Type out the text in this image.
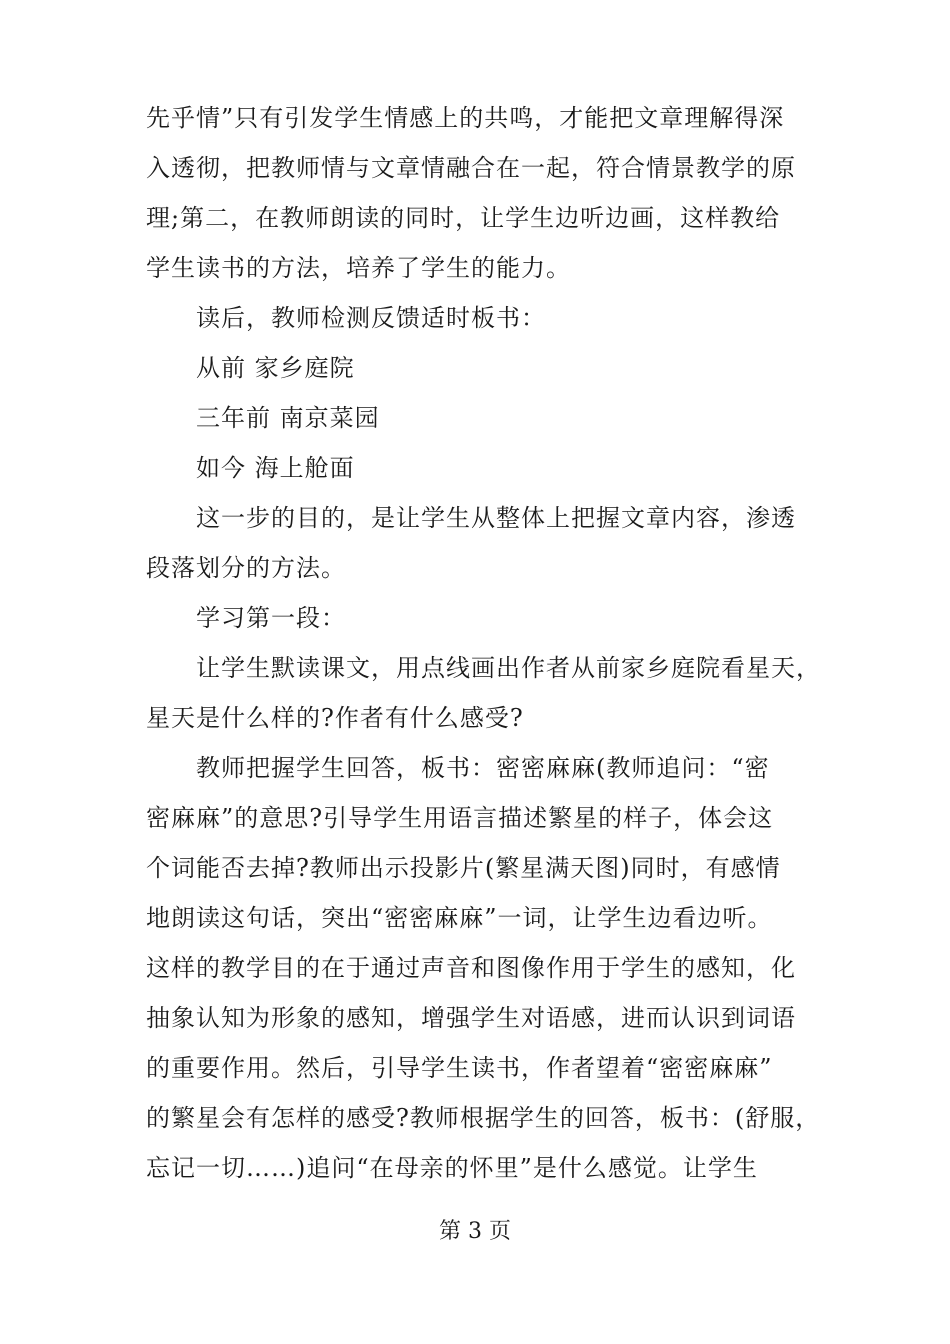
先乎情”只有引发学生情感上的共鸣，才能把文章理解得深
入透彻，把教师情与文章情融合在一起，符合情景教学的原
理;第二，在教师朗读的同时，让学生边听边画，这样教给
学生读书的方法，培养了学生的能力。
读后，教师检测反馈适时板书：
从前 家乡庭院
三年前 南京菜园
如今 海上舱面
这一步的目的，是让学生从整体上把握文章内容，渗透
段落划分的方法。
学习第一段：
让学生默读课文，用点线画出作者从前家乡庭院看星天，
星天是什么样的?作者有什么感受?
教师把握学生回答，板书：密密麻麻(教师追问：“密
密麻麻”的意思?引导学生用语言描述繁星的样子，体会这
个词能否去掉?教师出示投影片(繁星满天图)同时，有感情
地朗读这句话，突出“密密麻麻”一词，让学生边看边听。
这样的教学目的在于通过声音和图像作用于学生的感知，化
抽象认知为形象的感知，增强学生对语感，进而认识到词语
的重要作用。然后，引导学生读书，作者望着“密密麻麻”
的繁星会有怎样的感受?教师根据学生的回答，板书：(舒服，
忘记一切……)追问“在母亲的怀里”是什么感觉。让学生
第 3 页
